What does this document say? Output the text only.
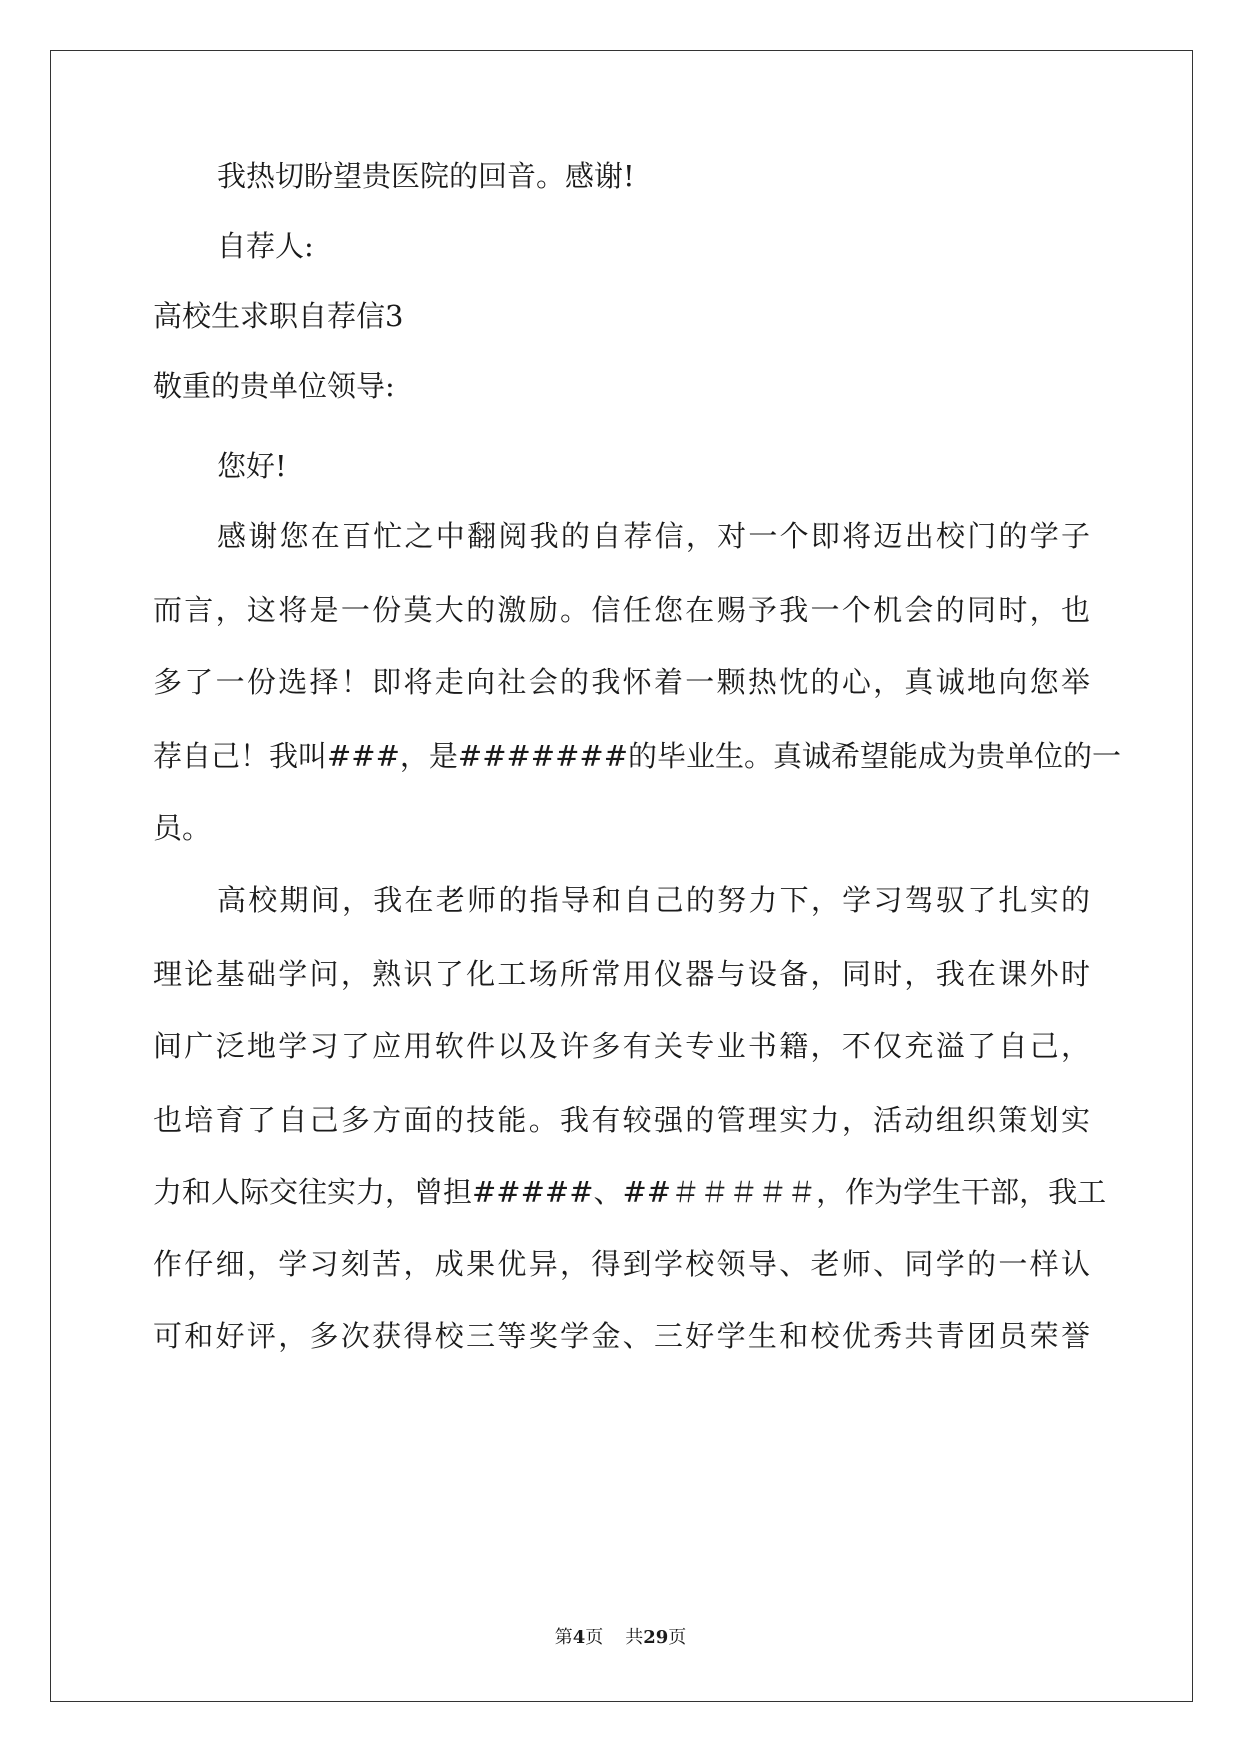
我热切盼望贵医院的回音。感谢!
自荐人:
高校生求职自荐信3
敬重的贵单位领导:
您好!
感谢您在百忙之中翻阅我的自荐信，对一个即将迈出校门的学子
而言，这将是一份莫大的激励。信任您在赐予我一个机会的同时，也
多了一份选择！即将走向社会的我怀着一颗热忱的心，真诚地向您举
荐自己！我叫###，是#######的毕业生。真诚希望能成为贵单位的一
员。
高校期间，我在老师的指导和自己的努力下，学习驾驭了扎实的
理论基础学问，熟识了化工场所常用仪器与设备，同时，我在课外时
间广泛地学习了应用软件以及许多有关专业书籍，不仅充溢了自己，
也培育了自己多方面的技能。我有较强的管理实力，活动组织策划实
力和人际交往实力，曾担#####、##＃＃＃＃＃，作为学生干部，我工
作仔细，学习刻苦，成果优异，得到学校领导、老师、同学的一样认
可和好评，多次获得校三等奖学金、三好学生和校优秀共青团员荣誉
第4页 共29页
